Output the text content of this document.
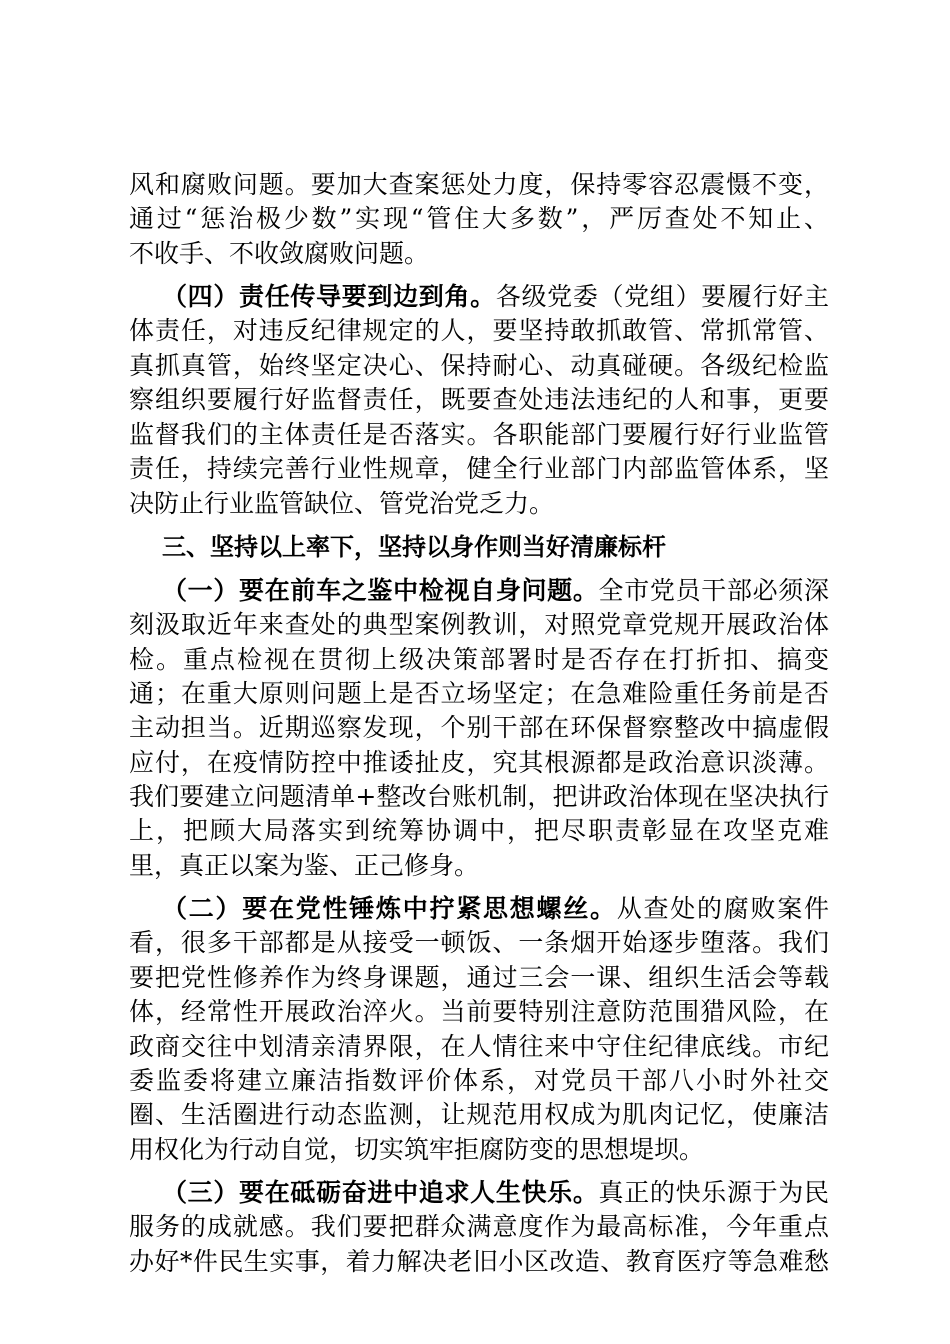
风和腐败问题。要加大查案惩处力度，保持零容忍震慑不变，
通过“惩治极少数”实现“管住大多数”，严厉查处不知止、
不收手、不收敛腐败问题。
（四）责任传导要到边到角。各级党委（党组）要履行好主
体责任，对违反纪律规定的人，要坚持敢抓敢管、常抓常管、
真抓真管，始终坚定决心、保持耐心、动真碰硬。各级纪检监
察组织要履行好监督责任，既要查处违法违纪的人和事，更要
监督我们的主体责任是否落实。各职能部门要履行好行业监管
责任，持续完善行业性规章，健全行业部门内部监管体系，坚
决防止行业监管缺位、管党治党乏力。
三、坚持以上率下，坚持以身作则当好清廉标杆
（一）要在前车之鉴中检视自身问题。全市党员干部必须深
刻汲取近年来查处的典型案例教训，对照党章党规开展政治体
检。重点检视在贯彻上级决策部署时是否存在打折扣、搞变
通；在重大原则问题上是否立场坚定；在急难险重任务前是否
主动担当。近期巡察发现，个别干部在环保督察整改中搞虚假
应付，在疫情防控中推诿扯皮，究其根源都是政治意识淡薄。
我们要建立问题清单+整改台账机制，把讲政治体现在坚决执行
上，把顾大局落实到统筹协调中，把尽职责彰显在攻坚克难
里，真正以案为鉴、正己修身。
（二）要在党性锤炼中拧紧思想螺丝。从查处的腐败案件
看，很多干部都是从接受一顿饭、一条烟开始逐步堕落。我们
要把党性修养作为终身课题，通过三会一课、组织生活会等载
体，经常性开展政治淬火。当前要特别注意防范围猎风险，在
政商交往中划清亲清界限，在人情往来中守住纪律底线。市纪
委监委将建立廉洁指数评价体系，对党员干部八小时外社交
圈、生活圈进行动态监测，让规范用权成为肌肉记忆，使廉洁
用权化为行动自觉，切实筑牢拒腐防变的思想堤坝。
（三）要在砥砺奋进中追求人生快乐。真正的快乐源于为民
服务的成就感。我们要把群众满意度作为最高标准，今年重点
办好*件民生实事，着力解决老旧小区改造、教育医疗等急难愁
